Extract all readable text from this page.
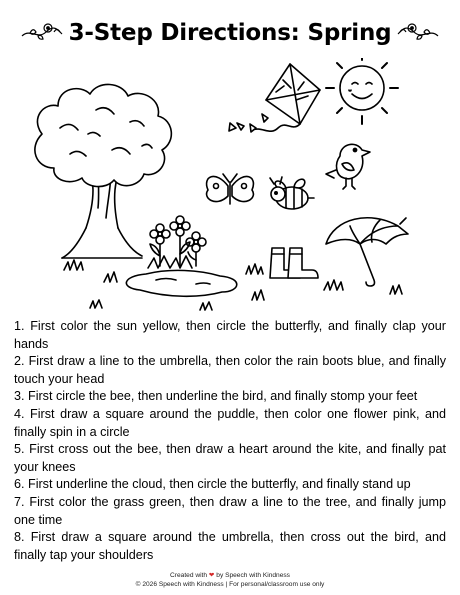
3-Step Directions: Spring
1. First color the sun yellow, then circle the butterfly, and finally clap your hands
2. First draw a line to the umbrella, then color the rain boots blue, and finally touch your head
3. First circle the bee, then underline the bird, and finally stomp your feet
4. First draw a square around the puddle, then color one flower pink, and finally spin in a circle
5. First cross out the bee, then draw a heart around the kite, and finally pat your knees
6. First underline the cloud, then circle the butterfly, and finally stand up
7. First color the grass green, then draw a line to the tree, and finally jump one time
8. First draw a square around the umbrella, then cross out the bird, and finally tap your shoulders
Created with ❤ by Speech with Kindness
© 2026 Speech with Kindness | For personal/classroom use only
